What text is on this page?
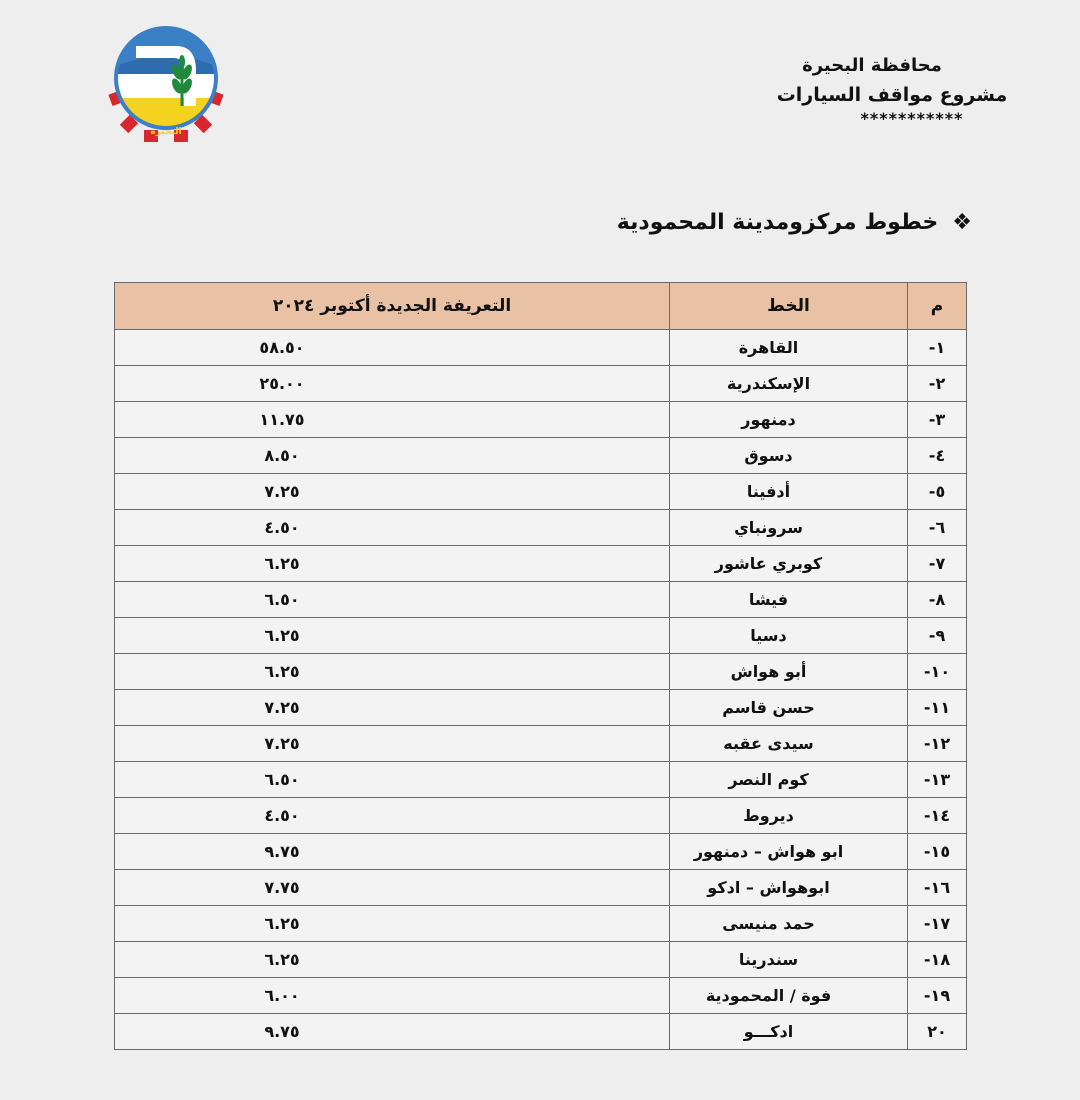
البحيرة
محافظة البحيرة
مشروع مواقف السيارات
***********
❖
خطوط مركزومدينة المحمودية
م	الخط	التعريفة الجديدة أكتوبر ٢٠٢٤
١-	القاهرة	٥٨.٥٠
٢-	الإسكندرية	٢٥.٠٠
٣-	دمنهور	١١.٧٥
٤-	دسوق	٨.٥٠
٥-	أدفينا	٧.٢٥
٦-	سرونباي	٤.٥٠
٧-	كوبري عاشور	٦.٢٥
٨-	فيشا	٦.٥٠
٩-	دسيا	٦.٢٥
١٠-	أبو هواش	٦.٢٥
١١-	حسن قاسم	٧.٢٥
١٢-	سيدى عقبه	٧.٢٥
١٣-	كوم النصر	٦.٥٠
١٤-	ديروط	٤.٥٠
١٥-	ابو هواش – دمنهور	٩.٧٥
١٦-	ابوهواش – ادكو	٧.٧٥
١٧-	حمد منيسى	٦.٢٥
١٨-	سندرينا	٦.٢٥
١٩-	فوة / المحمودية	٦.٠٠
٢٠	ادكـــو	٩.٧٥
